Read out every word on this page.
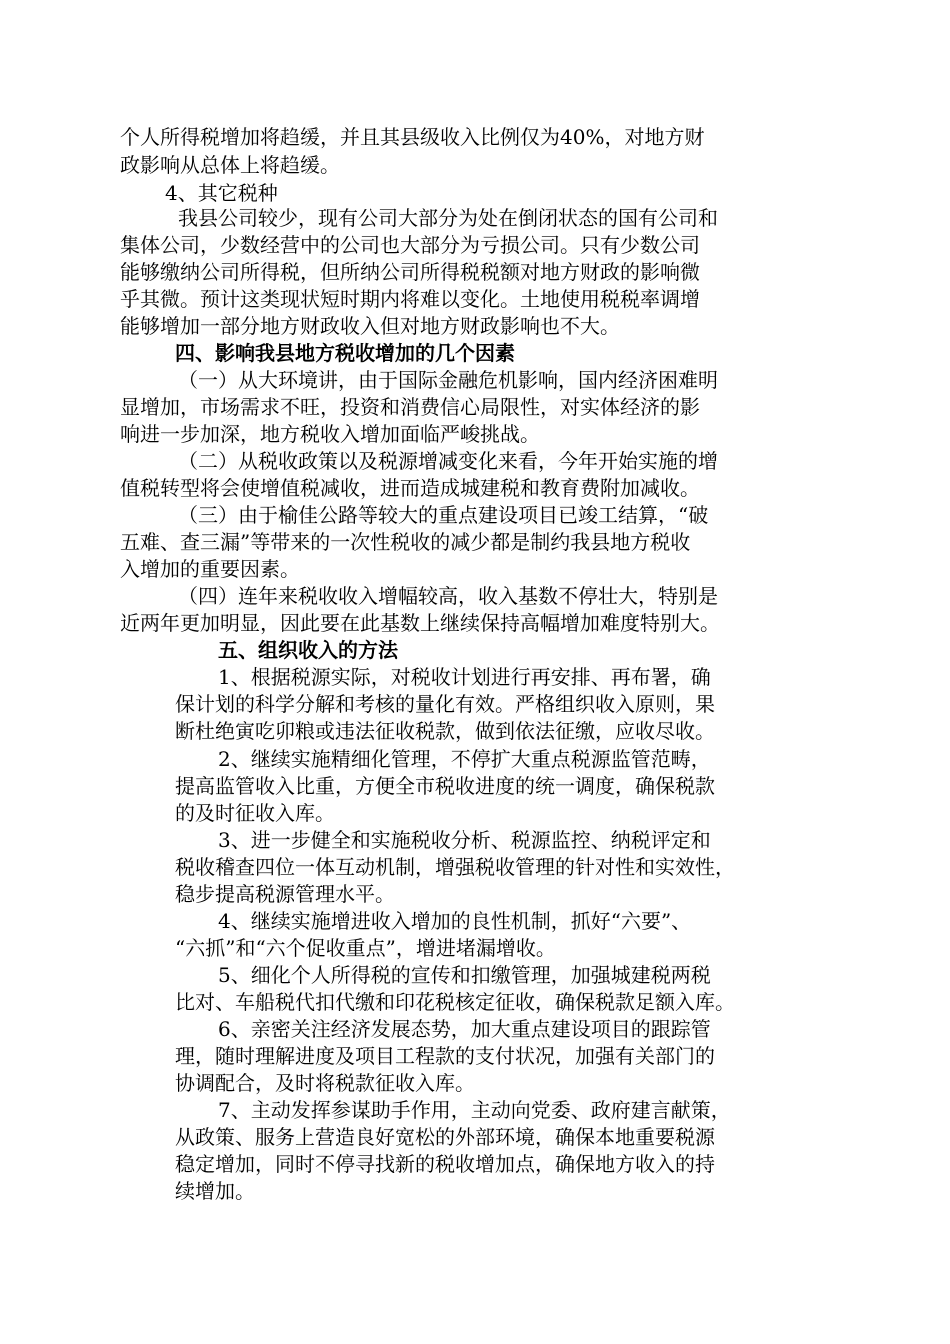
个人所得税增加将趋缓，并且其县级收入比例仅为40%，对地方财
政影响从总体上将趋缓。
4、其它税种
我县公司较少，现有公司大部分为处在倒闭状态的国有公司和
集体公司，少数经营中的公司也大部分为亏损公司。只有少数公司
能够缴纳公司所得税，但所纳公司所得税税额对地方财政的影响微
乎其微。预计这类现状短时期内将难以变化。土地使用税税率调增
能够增加一部分地方财政收入但对地方财政影响也不大。
四、影响我县地方税收增加的几个因素
（一）从大环境讲，由于国际金融危机影响，国内经济困难明
显增加，市场需求不旺，投资和消费信心局限性，对实体经济的影
响进一步加深，地方税收入增加面临严峻挑战。
（二）从税收政策以及税源增减变化来看，今年开始实施的增
值税转型将会使增值税减收，进而造成城建税和教育费附加减收。
（三）由于榆佳公路等较大的重点建设项目已竣工结算，“破
五难、查三漏”等带来的一次性税收的减少都是制约我县地方税收
入增加的重要因素。
（四）连年来税收收入增幅较高，收入基数不停壮大，特别是
近两年更加明显，因此要在此基数上继续保持高幅增加难度特别大。
五、组织收入的方法
1、根据税源实际，对税收计划进行再安排、再布署，确
保计划的科学分解和考核的量化有效。严格组织收入原则，果
断杜绝寅吃卯粮或违法征收税款，做到依法征缴，应收尽收。
2、继续实施精细化管理，不停扩大重点税源监管范畴，
提高监管收入比重，方便全市税收进度的统一调度，确保税款
的及时征收入库。
3、进一步健全和实施税收分析、税源监控、纳税评定和
税收稽查四位一体互动机制，增强税收管理的针对性和实效性，
稳步提高税源管理水平。
4、继续实施增进收入增加的良性机制，抓好“六要”、
“六抓”和“六个促收重点”，增进堵漏增收。
5、细化个人所得税的宣传和扣缴管理，加强城建税两税
比对、车船税代扣代缴和印花税核定征收，确保税款足额入库。
6、亲密关注经济发展态势，加大重点建设项目的跟踪管
理，随时理解进度及项目工程款的支付状况，加强有关部门的
协调配合，及时将税款征收入库。
7、主动发挥参谋助手作用，主动向党委、政府建言献策，
从政策、服务上营造良好宽松的外部环境，确保本地重要税源
稳定增加，同时不停寻找新的税收增加点，确保地方收入的持
续增加。
